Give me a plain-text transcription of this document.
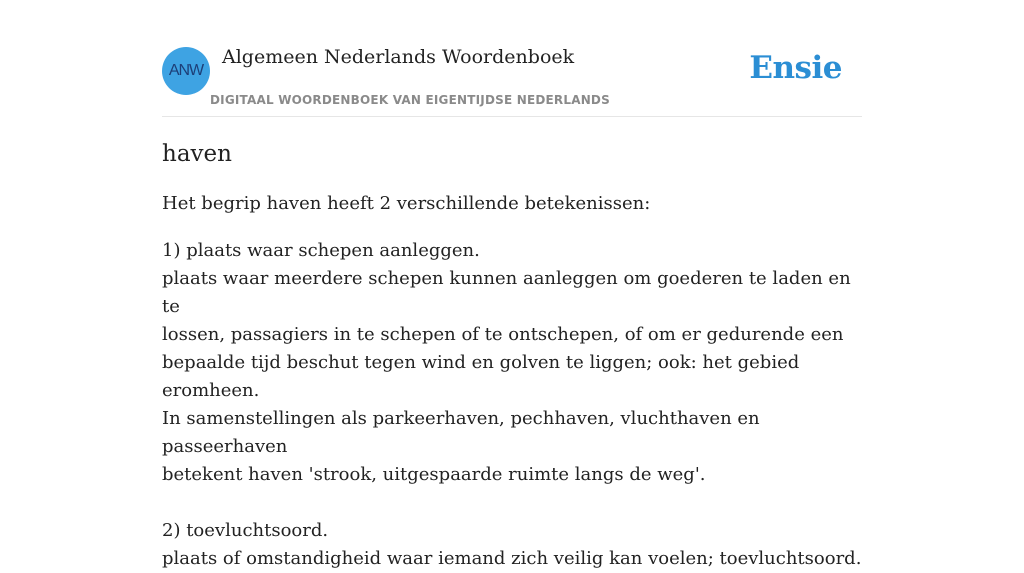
ANW
Algemeen Nederlands Woordenboek
DIGITAAL WOORDENBOEK VAN EIGENTIJDSE NEDERLANDS
Ensie
haven

Het begrip haven heeft 2 verschillende betekenissen:

1) plaats waar schepen aanleggen.
plaats waar meerdere schepen kunnen aanleggen om goederen te laden en te
lossen, passagiers in te schepen of te ontschepen, of om er gedurende een
bepaalde tijd beschut tegen wind en golven te liggen; ook: het gebied eromheen.
In samenstellingen als parkeerhaven, pechhaven, vluchthaven en passeerhaven
betekent haven 'strook, uitgespaarde ruimte langs de weg'.
2) toevluchtsoord.
plaats of omstandigheid waar iemand zich veilig kan voelen; toevluchtsoord.
